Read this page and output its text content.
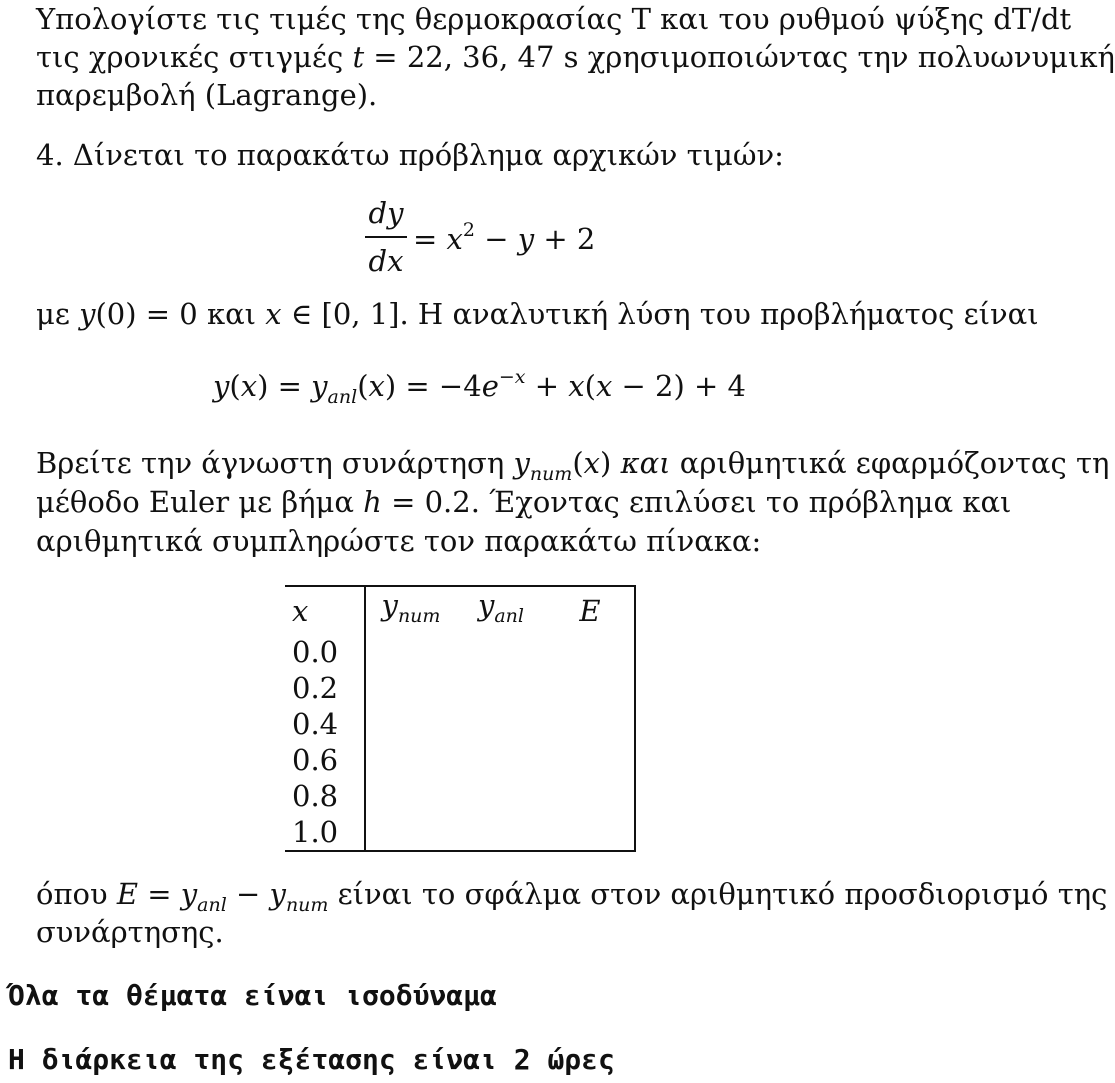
Υπολογίστε τις τιμές της θερμοκρασίας T και του ρυθμού ψύξης dT/dt
τις χρονικές στιγμές t = 22, 36, 47 s χρησιμοποιώντας την πολυωνυμική
παρεμβολή (Lagrange).
4. Δίνεται το παρακάτω πρόβλημα αρχικών τιμών:
dy
dx
= $x^2 - y + 2$
με y(0) = 0 και x ∈ [0, 1]. Η αναλυτική λύση του προβλήματος είναι
$y(x) = y_{anl}(x) = -4e^{-x} + x(x - 2) + 4$
Βρείτε την άγνωστη συνάρτηση $y_{num}(x)$ και αριθμητικά εφαρμόζοντας τη
μέθοδο Euler με βήμα h = 0.2. Έχοντας επιλύσει το πρόβλημα και
αριθμητικά συμπληρώστε τον παρακάτω πίνακα:
x	$y_{num}$	$y_{anl}$	E
0.0			
0.2			
0.4			
0.6			
0.8			
1.0			
όπου $E = y_{anl} - y_{num}$ είναι το σφάλμα στον αριθμητικό προσδιορισμό της
συνάρτησης.
Όλα τα θέματα είναι ισοδύναμα
Η διάρκεια της εξέτασης είναι 2 ώρες
